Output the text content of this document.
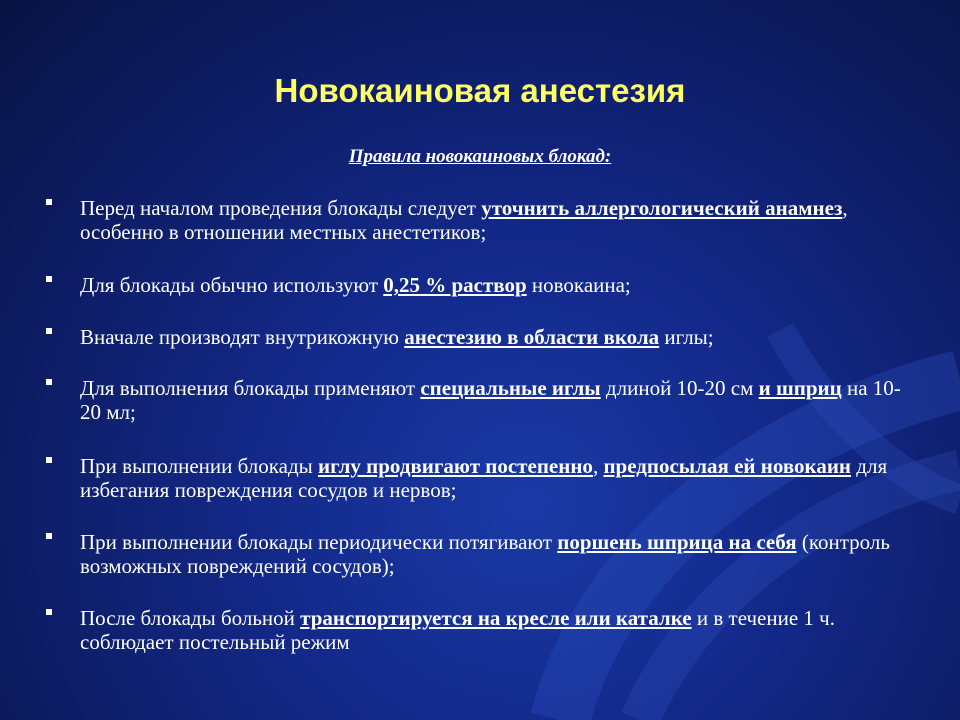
Новокаиновая анестезия
Правила новокаиновых блокад:
Перед началом проведения блокады следует уточнить аллергологический анамнез, особенно в отношении местных анестетиков;
Для блокады обычно используют 0,25 % раствор новокаина;
Вначале производят внутрикожную анестезию в области вкола иглы;
Для выполнения блокады применяют специальные иглы длиной 10-20 см и шприц на 10-20 мл;
При выполнении блокады иглу продвигают постепенно, предпосылая ей новокаин для избегания повреждения сосудов и нервов;
При выполнении блокады периодически потягивают поршень шприца на себя (контроль возможных повреждений сосудов);
После блокады больной транспортируется на кресле или каталке и в течение 1 ч. соблюдает постельный режим
